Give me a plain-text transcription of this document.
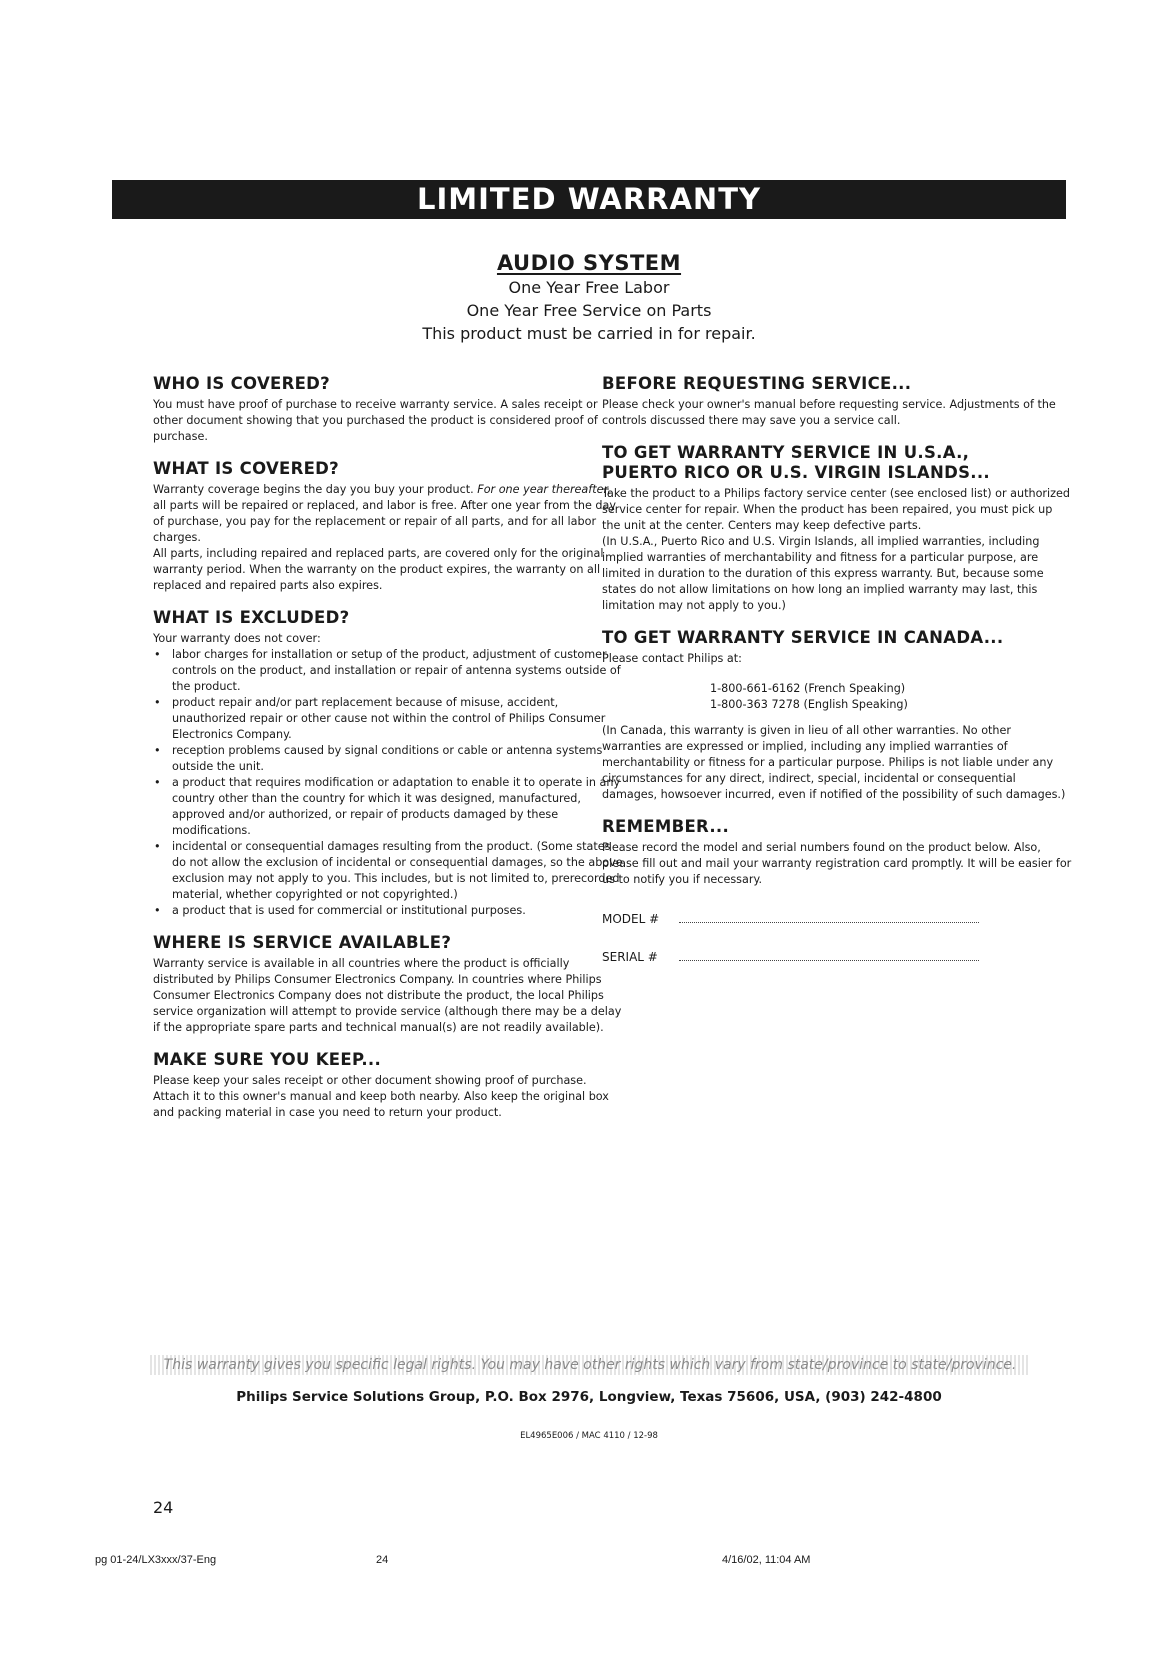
LIMITED WARRANTY
AUDIO SYSTEM
One Year Free Labor
One Year Free Service on Parts
This product must be carried in for repair.
WHO IS COVERED?

You must have proof of purchase to receive warranty service. A sales receipt or other document showing that you purchased the product is considered proof of purchase.

WHAT IS COVERED?

Warranty coverage begins the day you buy your product. For one year thereafter, all parts will be repaired or replaced, and labor is free. After one year from the day of purchase, you pay for the replacement or repair of all parts, and for all labor charges.

All parts, including repaired and replaced parts, are covered only for the original warranty period. When the warranty on the product expires, the warranty on all replaced and repaired parts also expires.

WHAT IS EXCLUDED?

Your warranty does not cover:

• labor charges for installation or setup of the product, adjustment of customer controls on the product, and installation or repair of antenna systems outside of the product.
• product repair and/or part replacement because of misuse, accident, unauthorized repair or other cause not within the control of Philips Consumer Electronics Company.
• reception problems caused by signal conditions or cable or antenna systems outside the unit.
• a product that requires modification or adaptation to enable it to operate in any country other than the country for which it was designed, manufactured, approved and/or authorized, or repair of products damaged by these modifications.
• incidental or consequential damages resulting from the product. (Some states do not allow the exclusion of incidental or consequential damages, so the above exclusion may not apply to you. This includes, but is not limited to, prerecorded material, whether copyrighted or not copyrighted.)
• a product that is used for commercial or institutional purposes.
WHERE IS SERVICE AVAILABLE?

Warranty service is available in all countries where the product is officially distributed by Philips Consumer Electronics Company. In countries where Philips Consumer Electronics Company does not distribute the product, the local Philips service organization will attempt to provide service (although there may be a delay if the appropriate spare parts and technical manual(s) are not readily available).

MAKE SURE YOU KEEP...

Please keep your sales receipt or other document showing proof of purchase. Attach it to this owner's manual and keep both nearby. Also keep the original box and packing material in case you need to return your product.

BEFORE REQUESTING SERVICE...

Please check your owner's manual before requesting service. Adjustments of the controls discussed there may save you a service call.

TO GET WARRANTY SERVICE IN U.S.A.,
PUERTO RICO OR U.S. VIRGIN ISLANDS...

Take the product to a Philips factory service center (see enclosed list) or authorized service center for repair. When the product has been repaired, you must pick up the unit at the center. Centers may keep defective parts.

(In U.S.A., Puerto Rico and U.S. Virgin Islands, all implied warranties, including implied warranties of merchantability and fitness for a particular purpose, are limited in duration to the duration of this express warranty. But, because some states do not allow limitations on how long an implied warranty may last, this limitation may not apply to you.)

TO GET WARRANTY SERVICE IN CANADA...

Please contact Philips at:

1-800-661-6162 (French Speaking)
1-800-363 7278 (English Speaking)

(In Canada, this warranty is given in lieu of all other warranties. No other warranties are expressed or implied, including any implied warranties of merchantability or fitness for a particular purpose. Philips is not liable under any circumstances for any direct, indirect, special, incidental or consequential damages, howsoever incurred, even if notified of the possibility of such damages.)

REMEMBER...

Please record the model and serial numbers found on the product below. Also, please fill out and mail your warranty registration card promptly. It will be easier for us to notify you if necessary.

MODEL #
SERIAL #
This warranty gives you specific legal rights. You may have other rights which vary from state/province to state/province.
Philips Service Solutions Group, P.O. Box 2976, Longview, Texas 75606, USA, (903) 242-4800
EL4965E006 / MAC 4110 / 12-98
24
pg 01-24/LX3xxx/37-Eng	24	4/16/02, 11:04 AM
